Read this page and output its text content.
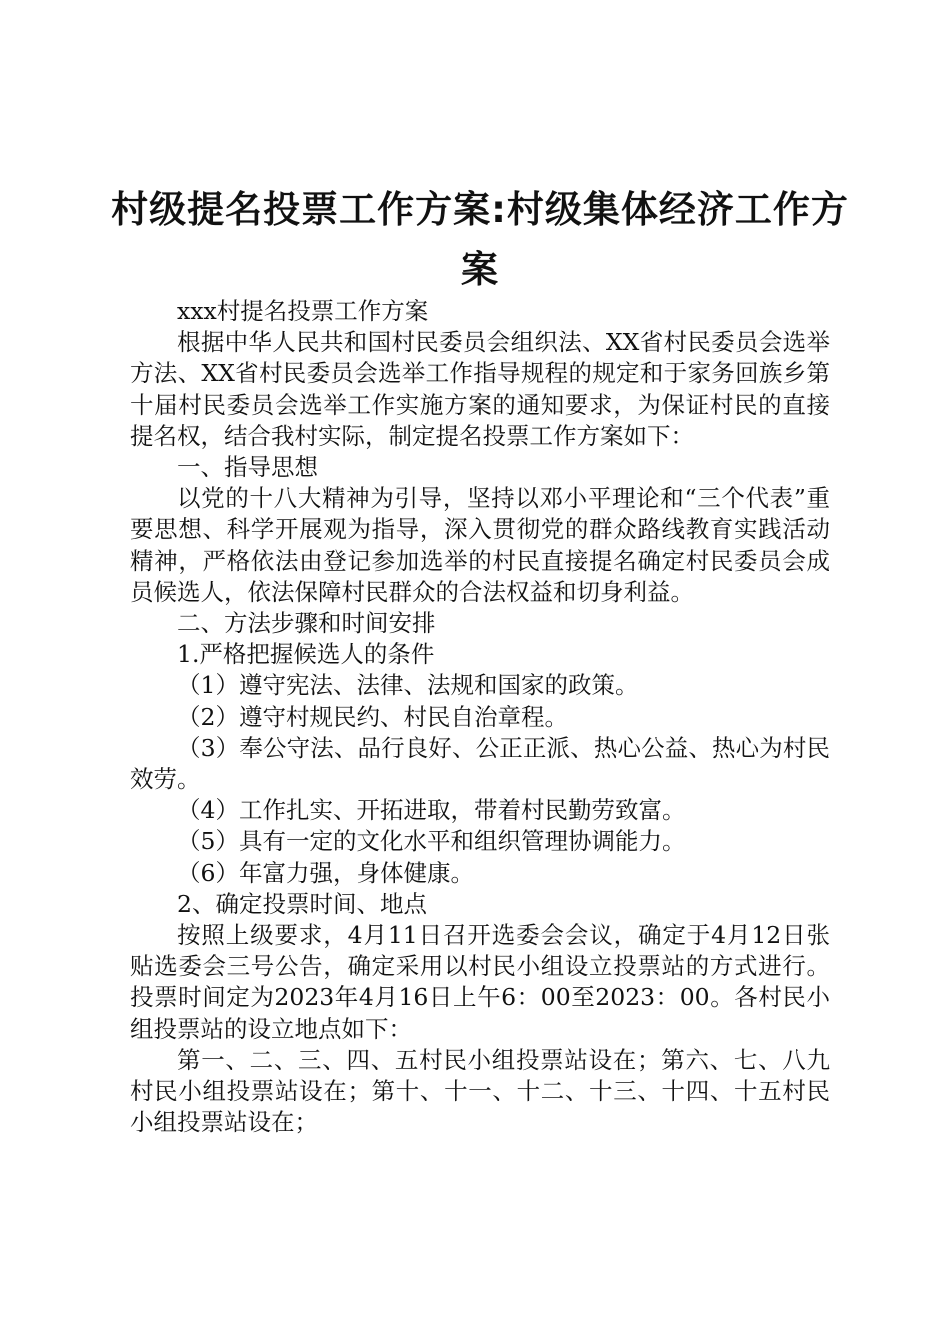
村级提名投票工作方案:村级集体经济工作方案

xxx村提名投票工作方案

根据中华人民共和国村民委员会组织法、XX省村民委员会选举方法、XX省村民委员会选举工作指导规程的规定和于家务回族乡第十届村民委员会选举工作实施方案的通知要求，为保证村民的直接提名权，结合我村实际，制定提名投票工作方案如下：

一、指导思想

以党的十八大精神为引导，坚持以邓小平理论和“三个代表”重要思想、科学开展观为指导，深入贯彻党的群众路线教育实践活动精神，严格依法由登记参加选举的村民直接提名确定村民委员会成员候选人，依法保障村民群众的合法权益和切身利益。

二、方法步骤和时间安排

1.严格把握候选人的条件

（1）遵守宪法、法律、法规和国家的政策。

（2）遵守村规民约、村民自治章程。

（3）奉公守法、品行良好、公正正派、热心公益、热心为村民效劳。

（4）工作扎实、开拓进取，带着村民勤劳致富。

（5）具有一定的文化水平和组织管理协调能力。

（6）年富力强，身体健康。

2、确定投票时间、地点

按照上级要求，4月11日召开选委会会议，确定于4月12日张贴选委会三号公告，确定采用以村民小组设立投票站的方式进行。投票时间定为2023年4月16日上午6：00至2023：00。各村民小组投票站的设立地点如下：

第一、二、三、四、五村民小组投票站设在；第六、七、八九村民小组投票站设在；第十、十一、十二、十三、十四、十五村民小组投票站设在；
